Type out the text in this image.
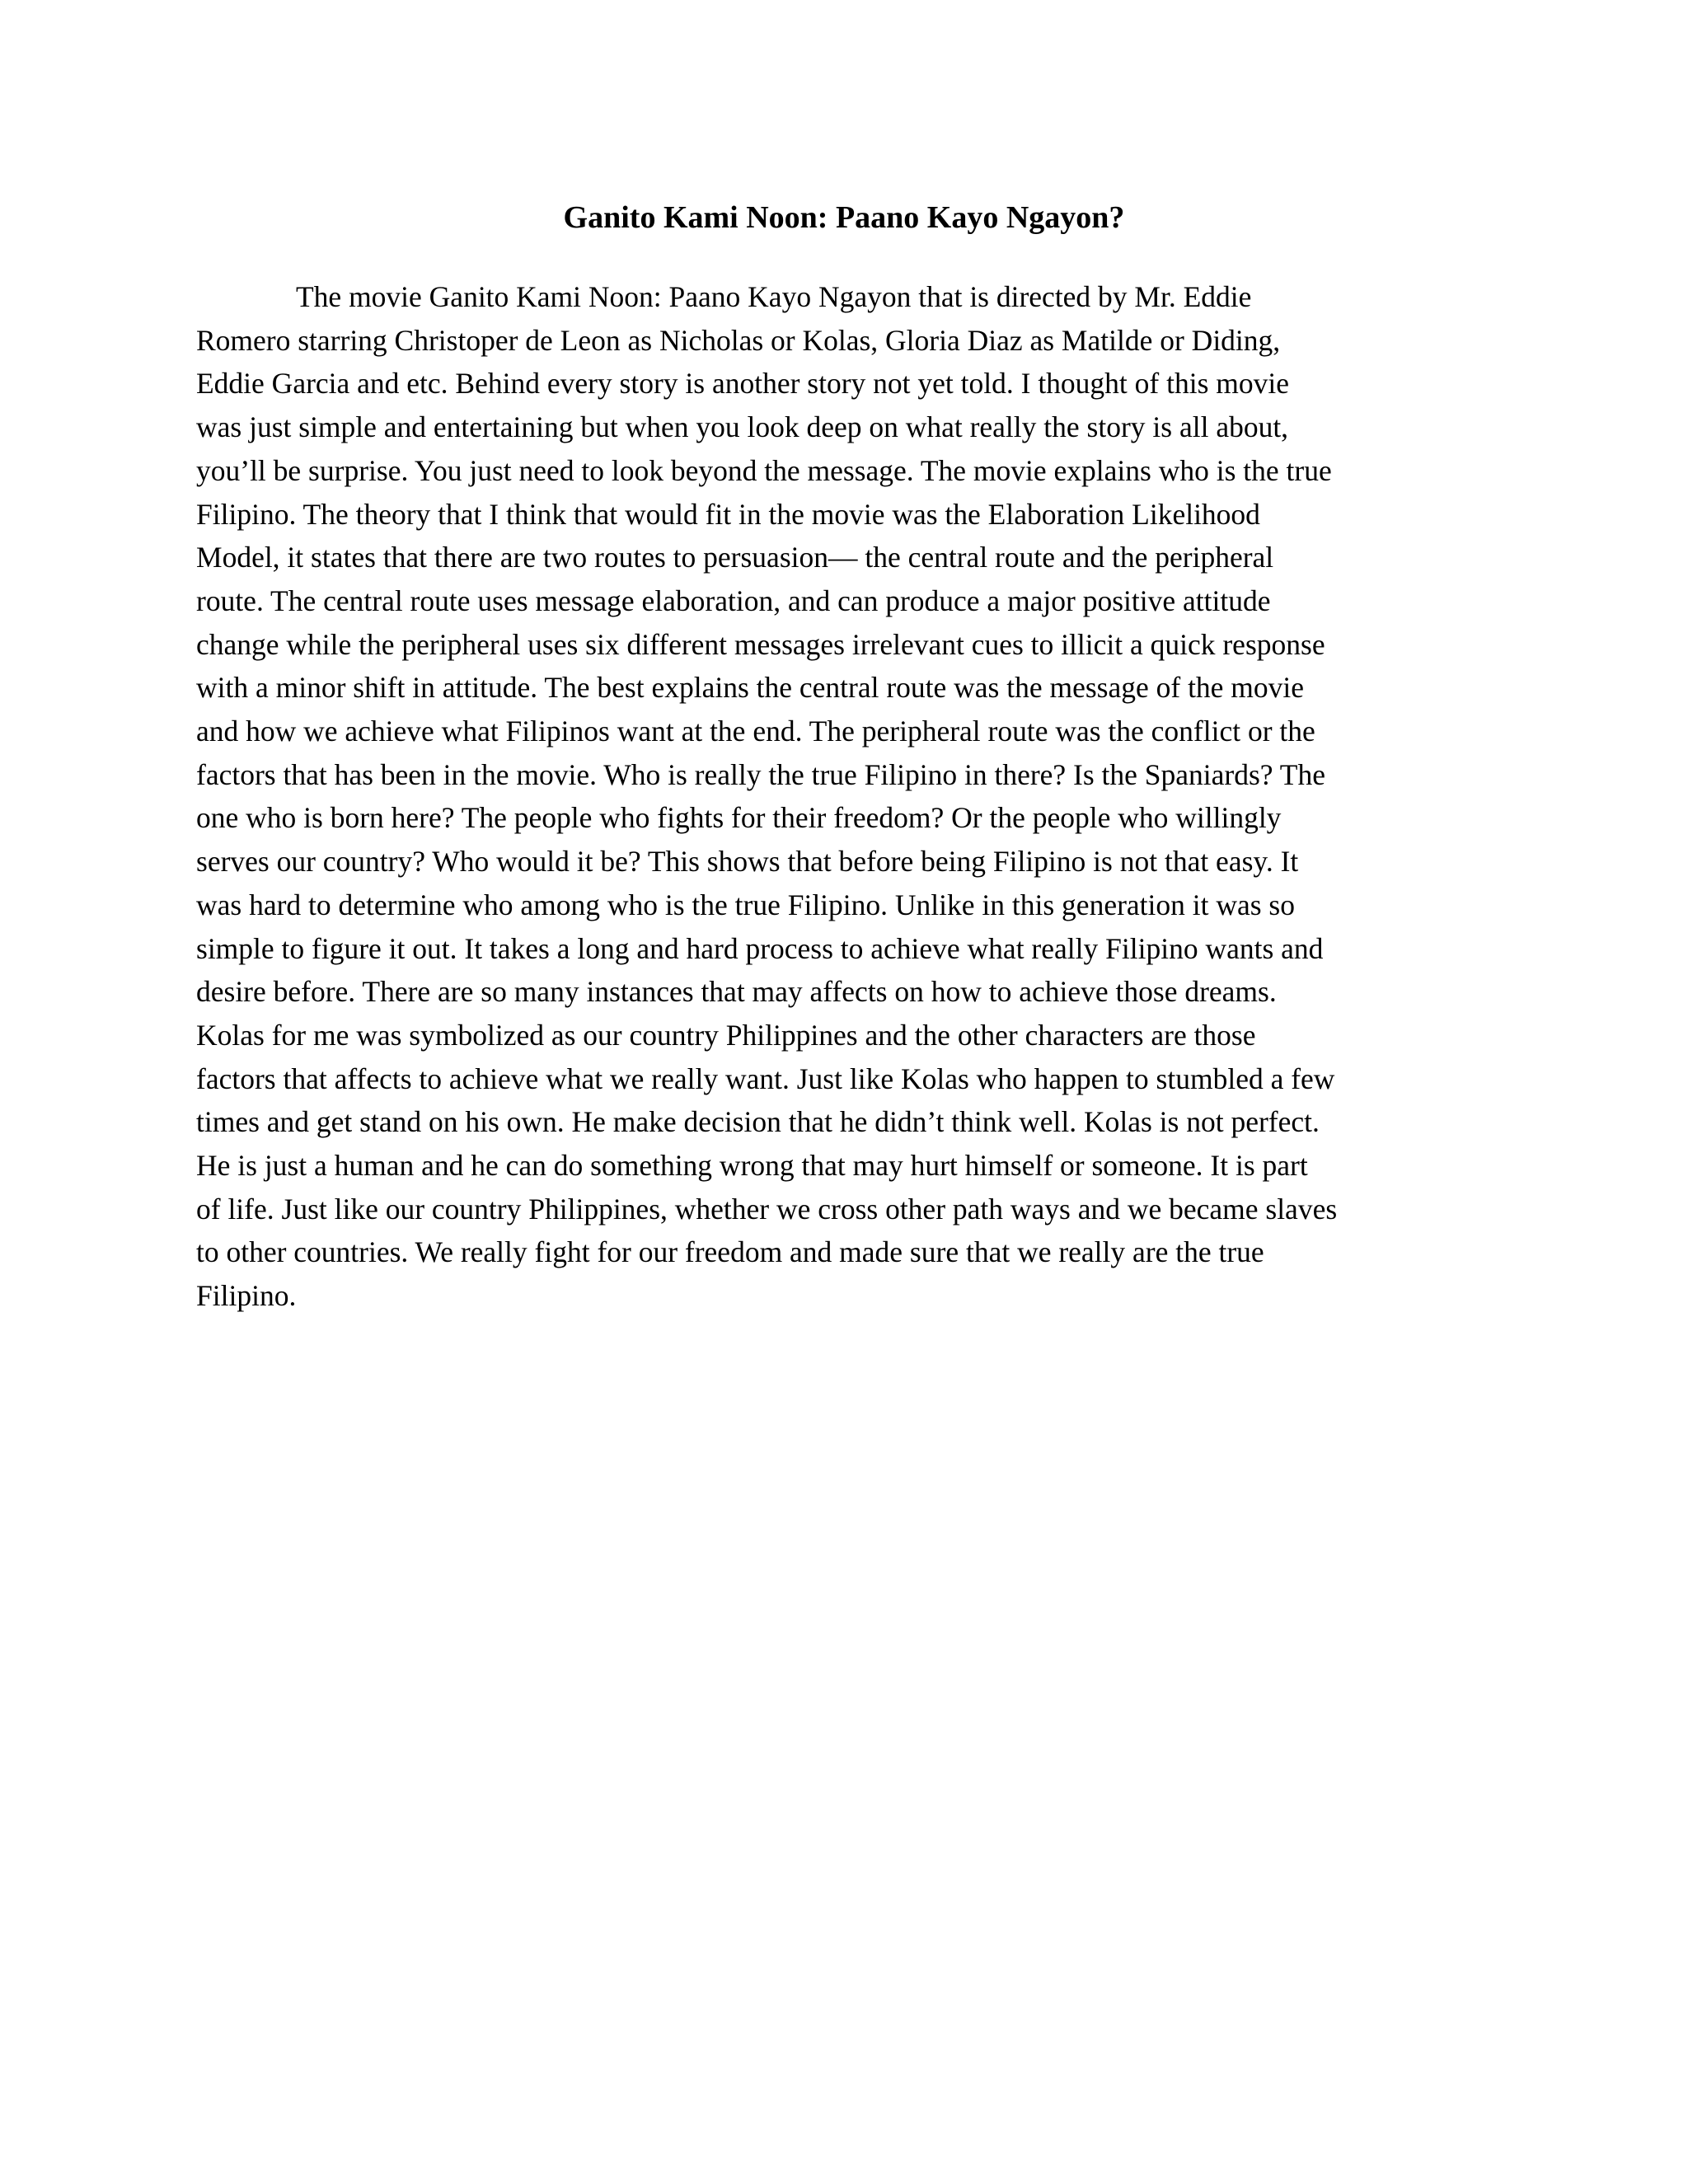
Ganito Kami Noon: Paano Kayo Ngayon?
The movie Ganito Kami Noon: Paano Kayo Ngayon that is directed by Mr. Eddie
Romero starring Christoper de Leon as Nicholas or Kolas, Gloria Diaz as Matilde or Diding,
Eddie Garcia and etc. Behind every story is another story not yet told. I thought of this movie
was just simple and entertaining but when you look deep on what really the story is all about,
you’ll be surprise. You just need to look beyond the message. The movie explains who is the true
Filipino. The theory that I think that would fit in the movie was the Elaboration Likelihood
Model, it states that there are two routes to persuasion— the central route and the peripheral
route. The central route uses message elaboration, and can produce a major positive attitude
change while the peripheral uses six different messages irrelevant cues to illicit a quick response
with a minor shift in attitude. The best explains the central route was the message of the movie
and how we achieve what Filipinos want at the end. The peripheral route was the conflict or the
factors that has been in the movie. Who is really the true Filipino in there? Is the Spaniards? The
one who is born here? The people who fights for their freedom? Or the people who willingly
serves our country? Who would it be? This shows that before being Filipino is not that easy. It
was hard to determine who among who is the true Filipino. Unlike in this generation it was so
simple to figure it out. It takes a long and hard process to achieve what really Filipino wants and
desire before. There are so many instances that may affects on how to achieve those dreams.
Kolas for me was symbolized as our country Philippines and the other characters are those
factors that affects to achieve what we really want. Just like Kolas who happen to stumbled a few
times and get stand on his own. He make decision that he didn’t think well. Kolas is not perfect.
He is just a human and he can do something wrong that may hurt himself or someone. It is part
of life. Just like our country Philippines, whether we cross other path ways and we became slaves
to other countries. We really fight for our freedom and made sure that we really are the true
Filipino.
